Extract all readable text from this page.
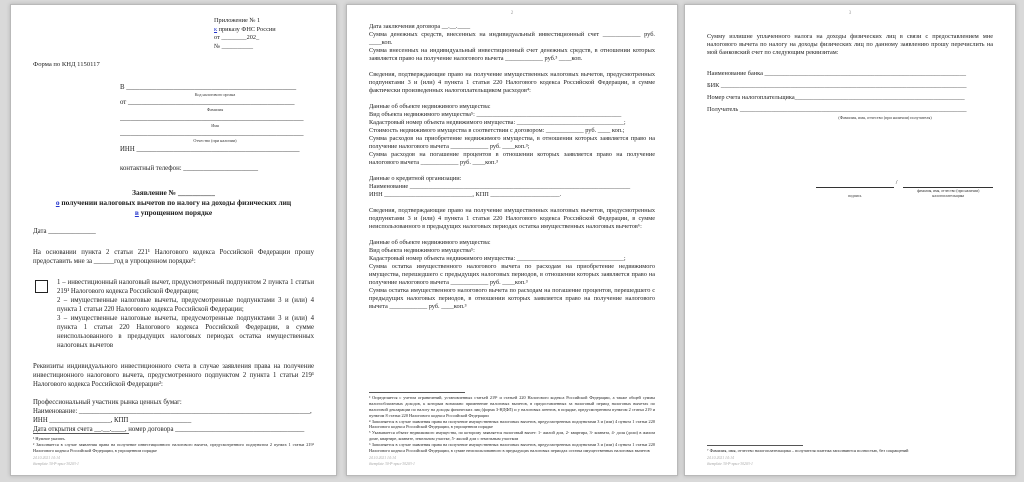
Приложение № 1
к приказу ФНС России
от ________202_
№ __________
Форма по КНД 1150117
В __________________________________________________
Код налогового органа
от _________________________________________________
Фамилия
______________________________________________________
Имя
______________________________________________________
Отчество (при наличии)
ИНН ________________________________________________
контактный телефон: ______________________
Заявление № __________
о получении налоговых вычетов по налогу на доходы физических лиц
в упрощенном порядке
Дата ______________

На основании пункта 2 статьи 221¹ Налогового кодекса Российской Федерации прошу предоставить мне за ______год в упрощенном порядке¹:

1 – инвестиционный налоговый вычет, предусмотренный подпунктом 2 пункта 1 статьи 219¹ Налогового кодекса Российской Федерации;

2 – имущественные налоговые вычеты, предусмотренные подпунктами 3 и (или) 4 пункта 1 статьи 220 Налогового кодекса Российской Федерации;

3 – имущественные налоговые вычеты, предусмотренные подпунктами 3 и (или) 4 пункта 1 статьи 220 Налогового кодекса Российской Федерации, в сумме неиспользованного в предыдущих налоговых периодах остатка имущественных налоговых вычетов

Реквизиты индивидуального инвестиционного счета в случае заявления права на получение инвестиционного налогового вычета, предусмотренного подпунктом 2 пункта 1 статьи 219¹ Налогового кодекса Российской Федерации²:

Профессиональный участник рынка ценных бумаг:

Наименование: ____________________________________________________________________,

ИНН __________________, КПП __________________

Дата открытия счета __.__.____, номер договора ______________________________________

¹ Нужное указать.
² Заполняется в случае заявления права на получение инвестиционного налогового вычета, предусмотренного подпунктом 2 пункта 1 статьи 219¹ Налогового кодекса Российской Федерации, в упрощенном порядке
24.10.2021 14:14
#template 30-Р-прил-30203-1
2

Дата заключения договора __.__.____

Сумма денежных средств, внесенных на индивидуальный инвестиционный счет ____________ руб. ____коп.

Сумма внесенных на индивидуальный инвестиционный счет денежных средств, в отношении которых заявляется право на получение налогового вычета ____________ руб.³ ____коп.

Сведения, подтверждающие право на получение имущественных налоговых вычетов, предусмотренных подпунктами 3 и (или) 4 пункта 1 статьи 220 Налогового кодекса Российской Федерации, в сумме фактически произведенных налогоплательщиком расходов⁴:

Данные об объекте недвижимого имущества:

Вид объекта недвижимого имущества⁵: ______________________________________________

Кадастровый номер объекта недвижимого имущества: __________________________________;

Стоимость недвижимого имущества в соответствии с договором: ____________ руб. ____ коп.;

Сумма расходов на приобретение недвижимого имущества, в отношении которых заявляется право на получение налогового вычета ____________ руб. ____коп.³;

Сумма расходов на погашение процентов в отношении которых заявляется право на получение налогового вычета ____________ руб. ____коп.³

Данные о кредитной организации:

Наименование ______________________________________________________________________

ИНН ____________________________, КПП ______________________.

Сведения, подтверждающие право на получение имущественных налоговых вычетов, предусмотренных подпунктами 3 и (или) 4 пункта 1 статьи 220 Налогового кодекса Российской Федерации, в сумме неиспользованного в предыдущих налоговых периодах остатка имущественных налоговых вычетов⁶:

Данные об объекте недвижимого имущества:

Вид объекта недвижимого имущества⁵:

Кадастровый номер объекта недвижимого имущества: __________________________________;

Сумма остатка имущественного налогового вычета по расходам на приобретение недвижимого имущества, перешедшего с предыдущих налоговых периодов, в отношении которых заявляется право на получение налогового вычета ____________ руб. ____коп.³

Сумма остатка имущественного налогового вычета по расходам на погашение процентов, перешедшего с предыдущих налоговых периодов, в отношении которых заявляется право на получение налогового вычета ____________ руб. ____коп.³

³ Определяется с учетом ограничений, установленных статьей 219¹ и статьей 220 Налогового кодекса Российской Федерации, а также общей суммы налогооблагаемых доходов, к которым возможно применение налоговых вычетов, в предоставленных за налоговый период налоговых вычетах по налоговой декларации по налогу на доходы физических лиц (форма 3-НДФЛ) и у налоговых агентов, в порядке, предусмотренном пунктом 2 статьи 219 и пунктом 8 статьи 220 Налогового кодекса Российской Федерации
⁴ Заполняется в случае заявления права на получение имущественных налоговых вычетов, предусмотренных подпунктами 3 и (или) 4 пункта 1 статьи 220 Налогового кодекса Российской Федерации, в упрощенном порядке
⁵ Указывается объект недвижимого имущества, по которому заявляется налоговый вычет: 1- жилой дом, 2- квартира, 3- комната, 4- доля (доли) в жилом доме, квартире, комнате, земельном участке, 5- жилой дом с земельным участком
⁶ Заполняется в случае заявления права на получение имущественных налоговых вычетов, предусмотренных подпунктами 3 и (или) 4 пункта 1 статьи 220 Налогового кодекса Российской Федерации, в сумме неиспользованного в предыдущих налоговых периодах остатка имущественных налоговых вычетов
24.10.2021 14:14
#template 30-Р-прил-30203-1
3

Сумму излишне уплаченного налога на доходы физических лиц в связи с предоставлением мне налогового вычета по налогу на доходы физических лиц по данному заявлению прошу перечислить на мой банковский счет по следующим реквизитам:

Наименование банка ________________________________________________________________

БИК ______________________________________________________________________________

Номер счета налогоплательщика______________________________________________________

Получатель ________________________________________________________________________

(Фамилия, имя, отчество (при наличии) получателя)
/
подпись
фамилия, имя, отчество (при наличии) налогоплательщика
⁷ Фамилия, имя, отчество налогоплательщика – получателя платежа заполняются полностью, без сокращений
24.10.2021 14:14
#template 30-Р-прил-30203-1
